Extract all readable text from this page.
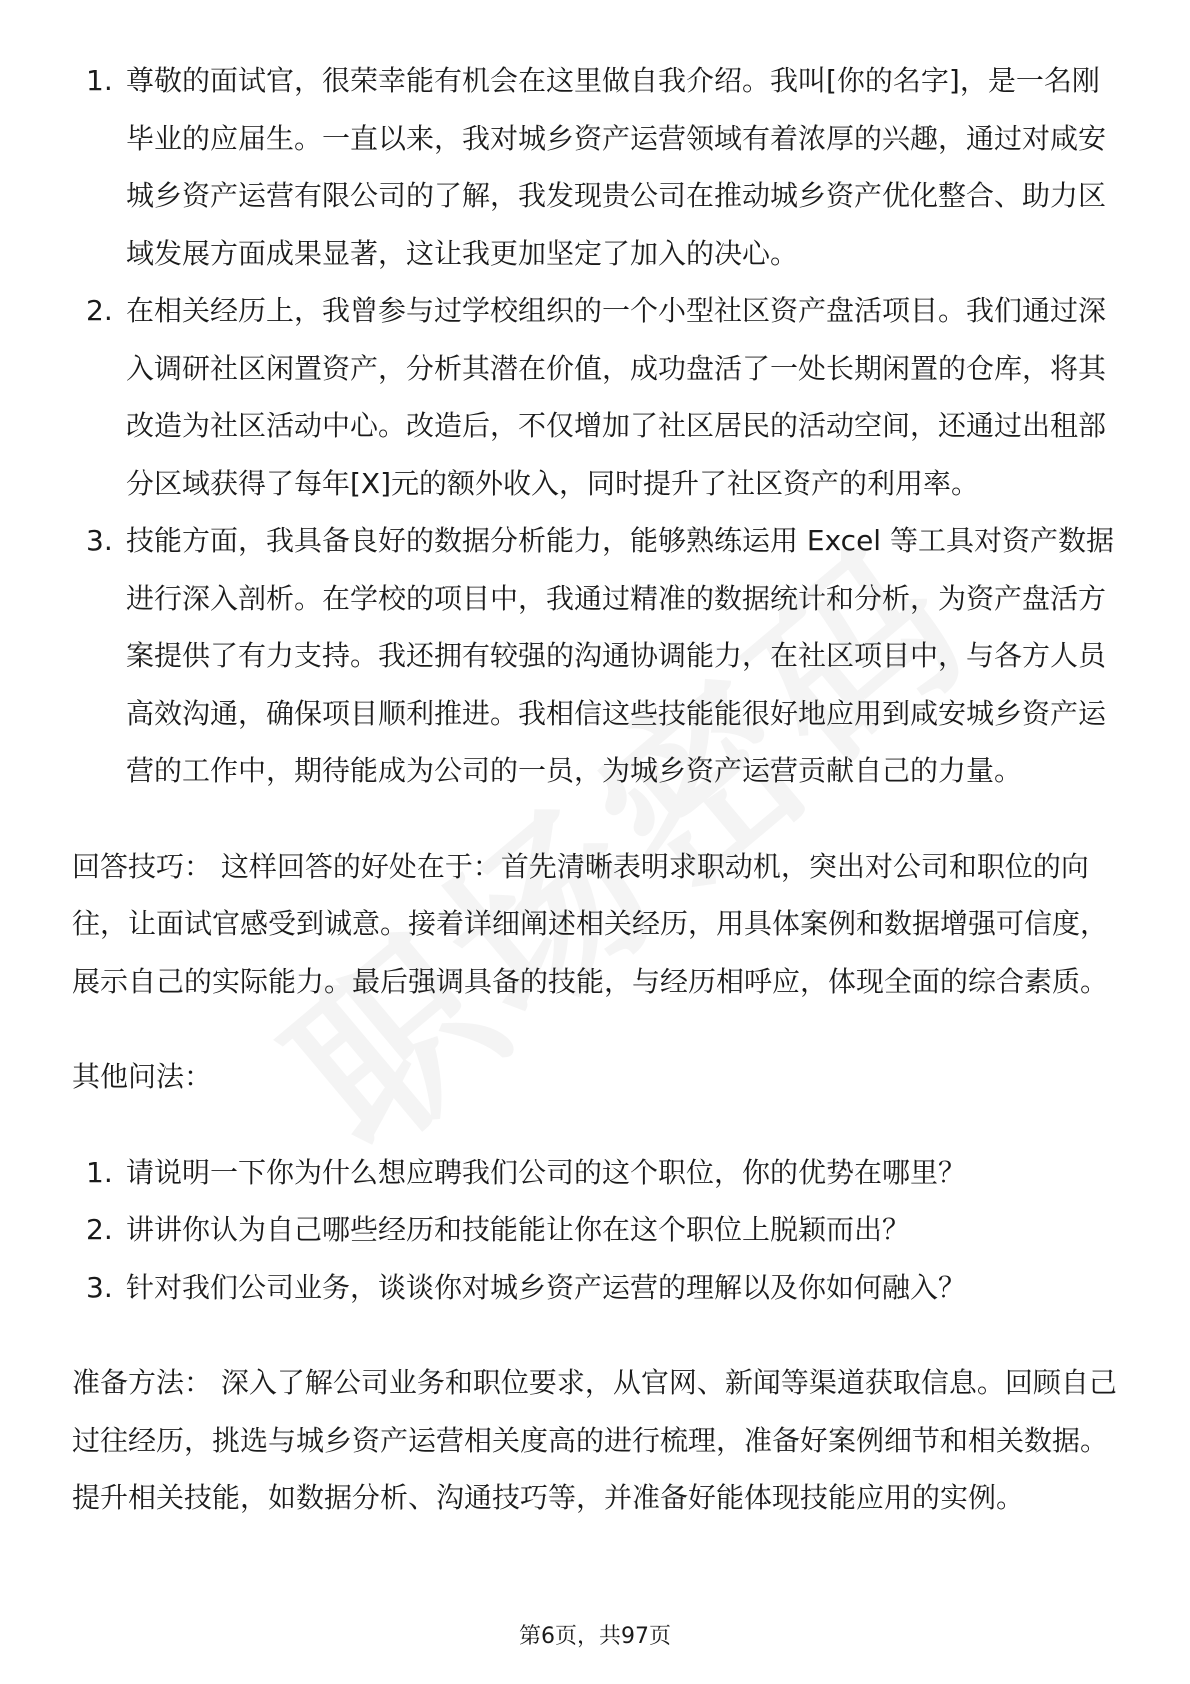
1. 尊敬的面试官，很荣幸能有机会在这里做自我介绍。我叫[你的名字]，是一名刚毕业的应届生。一直以来，我对城乡资产运营领域有着浓厚的兴趣，通过对咸安城乡资产运营有限公司的了解，我发现贵公司在推动城乡资产优化整合、助力区域发展方面成果显著，这让我更加坚定了加入的决心。
2. 在相关经历上，我曾参与过学校组织的一个小型社区资产盘活项目。我们通过深入调研社区闲置资产，分析其潜在价值，成功盘活了一处长期闲置的仓库，将其改造为社区活动中心。改造后，不仅增加了社区居民的活动空间，还通过出租部分区域获得了每年[X]元的额外收入，同时提升了社区资产的利用率。
3. 技能方面，我具备良好的数据分析能力，能够熟练运用 Excel 等工具对资产数据进行深入剖析。在学校的项目中，我通过精准的数据统计和分析，为资产盘活方案提供了有力支持。我还拥有较强的沟通协调能力，在社区项目中，与各方人员高效沟通，确保项目顺利推进。我相信这些技能能很好地应用到咸安城乡资产运营的工作中，期待能成为公司的一员，为城乡资产运营贡献自己的力量。

回答技巧： 这样回答的好处在于：首先清晰表明求职动机，突出对公司和职位的向往，让面试官感受到诚意。接着详细阐述相关经历，用具体案例和数据增强可信度，展示自己的实际能力。最后强调具备的技能，与经历相呼应，体现全面的综合素质。

其他问法：

1. 请说明一下你为什么想应聘我们公司的这个职位，你的优势在哪里？
2. 讲讲你认为自己哪些经历和技能能让你在这个职位上脱颖而出？
3. 针对我们公司业务，谈谈你对城乡资产运营的理解以及你如何融入？

准备方法： 深入了解公司业务和职位要求，从官网、新闻等渠道获取信息。回顾自己过往经历，挑选与城乡资产运营相关度高的进行梳理，准备好案例细节和相关数据。提升相关技能，如数据分析、沟通技巧等，并准备好能体现技能应用的实例。

第6页，共97页
